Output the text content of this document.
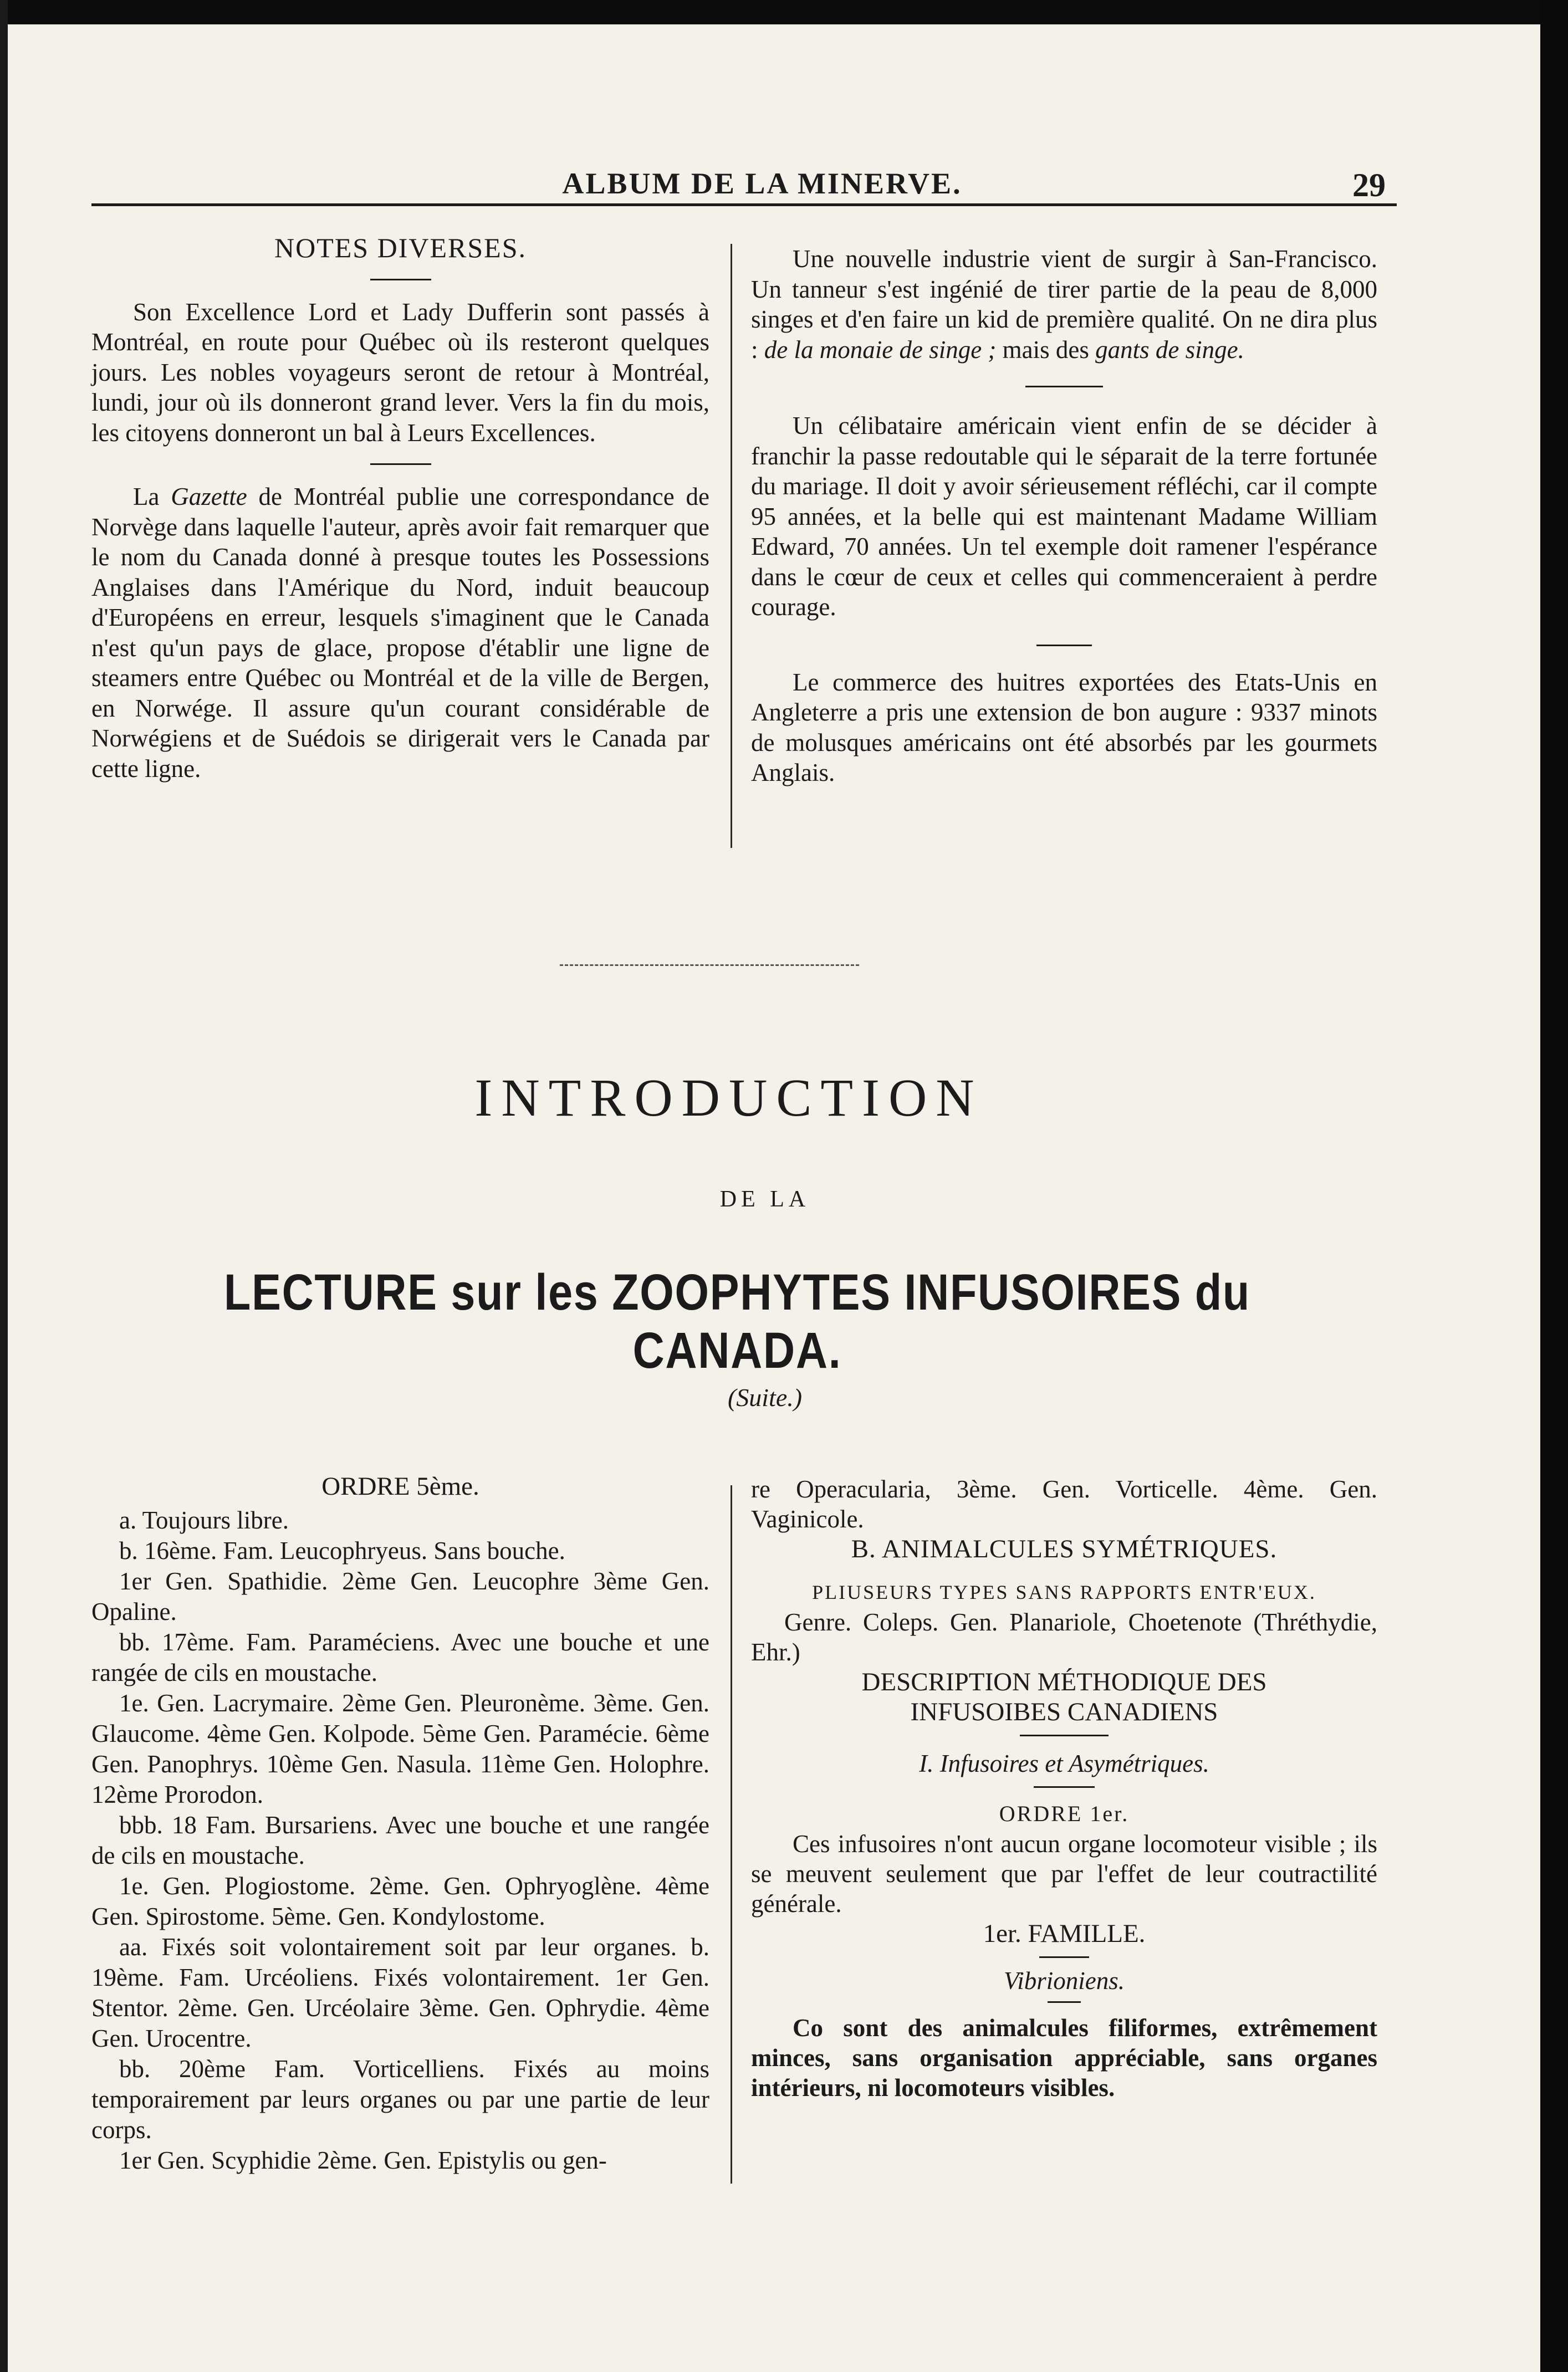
ALBUM DE LA MINERVE.	29

NOTES DIVERSES.

Son Excellence Lord et Lady Dufferin sont passés à Montréal, en route pour Québec où ils resteront quelques jours. Les nobles voyageurs seront de retour à Montréal, lundi, jour où ils donneront grand lever. Vers la fin du mois, les citoyens donneront un bal à Leurs Excellences.

La Gazette de Montréal publie une correspondance de Norvège dans laquelle l'auteur, après avoir fait remarquer que le nom du Canada donné à presque toutes les Possessions Anglaises dans l'Amérique du Nord, induit beaucoup d'Européens en erreur, lesquels s'imaginent que le Canada n'est qu'un pays de glace, propose d'établir une ligne de steamers entre Québec ou Montréal et de la ville de Bergen, en Norwége. Il assure qu'un courant considérable de Norwégiens et de Suédois se dirigerait vers le Canada par cette ligne.

Une nouvelle industrie vient de surgir à San-Francisco. Un tanneur s'est ingénié de tirer partie de la peau de 8,000 singes et d'en faire un kid de première qualité. On ne dira plus : de la monaie de singe ; mais des gants de singe.

Un célibataire américain vient enfin de se décider à franchir la passe redoutable qui le séparait de la terre fortunée du mariage. Il doit y avoir sérieusement réfléchi, car il compte 95 années, et la belle qui est maintenant Madame William Edward, 70 années. Un tel exemple doit ramener l'espérance dans le cœur de ceux et celles qui commenceraient à perdre courage.

Le commerce des huitres exportées des Etats-Unis en Angleterre a pris une extension de bon augure : 9337 minots de molusques américains ont été absorbés par les gourmets Anglais.

INTRODUCTION
DE LA
LECTURE sur les ZOOPHYTES INFUSOIRES du CANADA.
(Suite.)

ORDRE 5ème.

a. Toujours libre.

b. 16ème. Fam. Leucophryeus. Sans bouche.

1er Gen. Spathidie. 2ème Gen. Leucophre 3ème Gen. Opaline.

bb. 17ème. Fam. Paraméciens. Avec une bouche et une rangée de cils en moustache.

1e. Gen. Lacrymaire. 2ème Gen. Pleuronème. 3ème. Gen. Glaucome. 4ème Gen. Kolpode. 5ème Gen. Paramécie. 6ème Gen. Panophrys. 10ème Gen. Nasula. 11ème Gen. Holophre. 12ème Prorodon.

bbb. 18 Fam. Bursariens. Avec une bouche et une rangée de cils en moustache.

1e. Gen. Plogiostome. 2ème. Gen. Ophryoglène. 4ème Gen. Spirostome. 5ème. Gen. Kondylostome.

aa. Fixés soit volontairement soit par leur organes. b. 19ème. Fam. Urcéoliens. Fixés volontairement. 1er Gen. Stentor. 2ème. Gen. Urcéolaire 3ème. Gen. Ophrydie. 4ème Gen. Urocentre.

bb. 20ème Fam. Vorticelliens. Fixés au moins temporairement par leurs organes ou par une partie de leur corps.

1er Gen. Scyphidie 2ème. Gen. Epistylis ou gen-

re Operacularia, 3ème. Gen. Vorticelle. 4ème. Gen. Vaginicole.

B. ANIMALCULES SYMÉTRIQUES.

PLIUSEURS TYPES SANS RAPPORTS ENTR'EUX.

Genre. Coleps. Gen. Planariole, Choetenote (Thréthydie, Ehr.)

DESCRIPTION MÉTHODIQUE DES

INFUSOIBES CANADIENS

I. Infusoires et Asymétriques.

ORDRE 1er.

Ces infusoires n'ont aucun organe locomoteur visible ; ils se meuvent seulement que par l'effet de leur coutractilité générale.

1er. FAMILLE.

Vibrioniens.

Co sont des animalcules filiformes, extrêmement minces, sans organisation appréciable, sans organes intérieurs, ni locomoteurs visibles.
